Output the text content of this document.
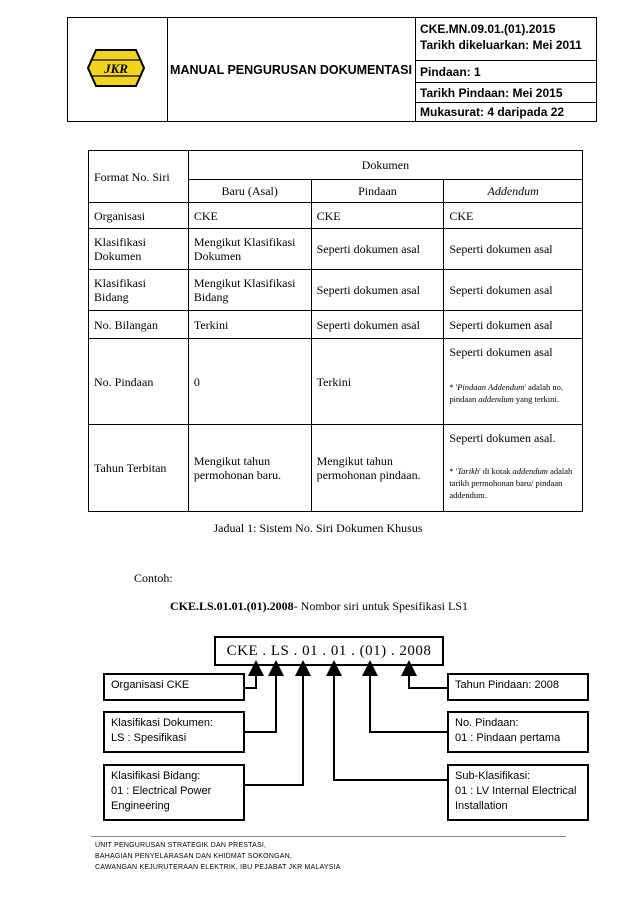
JKR	MANUAL PENGURUSAN DOKUMENTASI
CKE.MN.09.01.(01).2015
Tarikh dikeluarkan: Mei 2011
Pindaan: 1
Tarikh Pindaan: Mei 2015
Mukasurat: 4 daripada 22
Format No. Siri	Dokumen		
	Baru (Asal)	Pindaan	Addendum
Organisasi	CKE	CKE	CKE
Klasifikasi Dokumen	Mengikut Klasifikasi Dokumen	Seperti dokumen asal	Seperti dokumen asal
Klasifikasi Bidang	Mengikut Klasifikasi Bidang	Seperti dokumen asal	Seperti dokumen asal
No. Bilangan	Terkini	Seperti dokumen asal	Seperti dokumen asal
No. Pindaan	0	Terkini	Seperti dokumen asal
* 'Pindaan Addendum' adalah no. pindaan addendum yang terkini.

Tahun Terbitan	Mengikut tahun permohonan baru.	Mengikut tahun permohonan pindaan.	Seperti dokumen asal.
* 'Tarikh' di kotak addendum adalah tarikh permohonan baru/ pindaan addendum.
Jadual 1: Sistem No. Siri Dokumen Khusus
Contoh:
CKE.LS.01.01.(01).2008- Nombor siri untuk Spesifikasi LS1
CKE . LS . 01 . 01 . (01) . 2008
Organisasi CKE
Klasifikasi Dokumen:
LS : Spesifikasi
Klasifikasi Bidang:
01 : Electrical Power
Engineering
Tahun Pindaan: 2008
No. Pindaan:
01 : Pindaan pertama
Sub-Klasifikasi:
01 : LV Internal Electrical
Installation
UNIT PENGURUSAN STRATEGIK DAN PRESTASI,
BAHAGIAN PENYELARASAN DAN KHIDMAT SOKONGAN,
CAWANGAN KEJURUTERAAN ELEKTRIK, IBU PEJABAT JKR MALAYSIA
